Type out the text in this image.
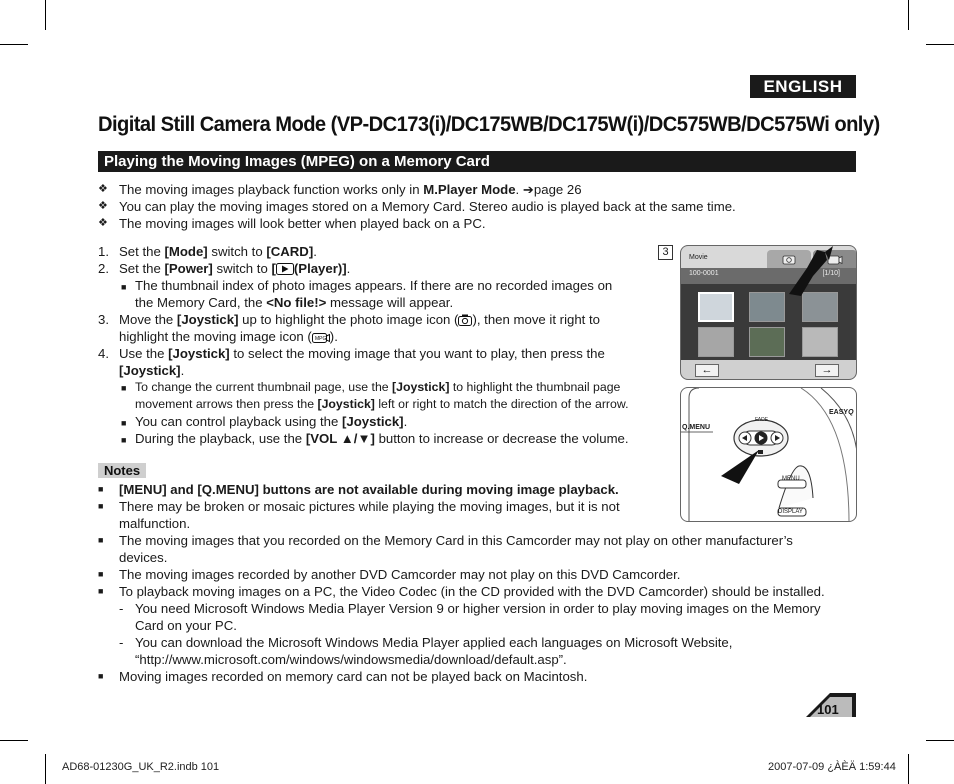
ENGLISH
Digital Still Camera Mode (VP-DC173(i)/DC175WB/DC175W(i)/DC575WB/DC575Wi only)
Playing the Moving Images (MPEG) on a Memory Card
❖ The moving images playback function works only in M.Player Mode. ➔page 26
❖ You can play the moving images stored on a Memory Card. Stereo audio is played back at the same time.
❖ The moving images will look better when played back on a PC.
1. Set the [Mode] switch to [CARD].
2. Set the [Power] switch to [ (Player)].
■ The thumbnail index of photo images appears. If there are no recorded images on
the Memory Card, the <No file!> message will appear.
3. Move the [Joystick] up to highlight the photo image icon ( ), then move it right to
highlight the moving image icon ( MPG ).
4. Use the [Joystick] to select the moving image that you want to play, then press the
[Joystick].
■ To change the current thumbnail page, use the [Joystick] to highlight the thumbnail page
movement arrows then press the [Joystick] left or right to match the direction of the arrow.
■ You can control playback using the [Joystick].
■ During the playback, use the [VOL ▲/▼] button to increase or decrease the volume.
Notes
■ [MENU] and [Q.MENU] buttons are not available during moving image playback.
■ There may be broken or mosaic pictures while playing the moving images, but it is not
malfunction.
■ The moving images that you recorded on the Memory Card in this Camcorder may not play on other manufacturer’s
devices.
■ The moving images recorded by another DVD Camcorder may not play on this DVD Camcorder.
■ To playback moving images on a PC, the Video Codec (in the CD provided with the DVD Camcorder) should be installed.
- You need Microsoft Windows Media Player Version 9 or higher version in order to play moving images on the Memory
Card on your PC.
- You can download the Microsoft Windows Media Player applied each languages on Microsoft Website,
“http://www.microsoft.com/windows/windowsmedia/download/default.asp”.
■ Moving images recorded on memory card can not be played back on Macintosh.
3	Movie
100-0001	[1/10]
←	→
Q.MENU
FADE
EASYQ
MENU
DISPLAY
101
AD68-01230G_UK_R2.indb 101	2007-07-09 ¿ÀÈÄ 1:59:44
